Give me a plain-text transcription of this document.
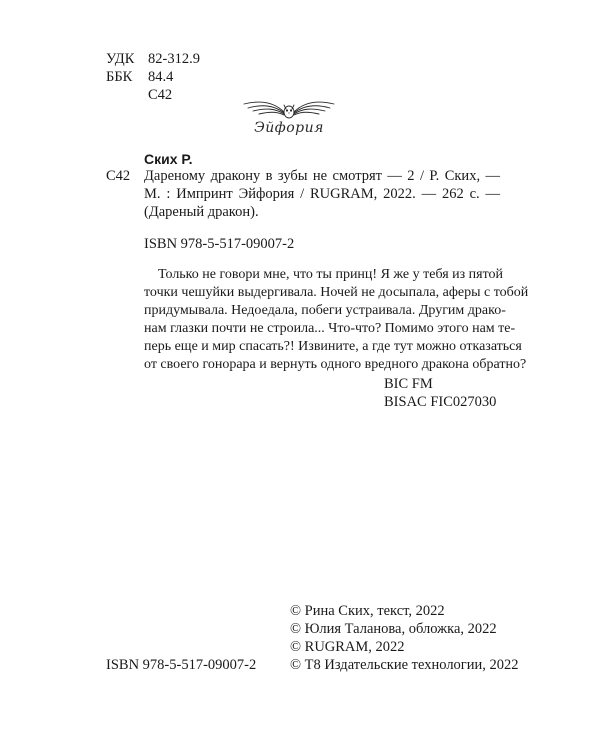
УДК 82-312.9
ББК 84.4
С42
Эйфория
Ских Р.
С42 Дареному дракону в зубы не смотрят — 2 / Р. Ских, —
М. : Импринт Эйфория / RUGRAM, 2022. — 262 с. —
(Дареный дракон).
ISBN 978-5-517-09007-2
Только не говори мне, что ты принц! Я же у тебя из пятой
точки чешуйки выдергивала. Ночей не досыпала, аферы с тобой
придумывала. Недоедала, побеги устраивала. Другим драко-
нам глазки почти не строила... Что-что? Помимо этого нам те-
перь еще и мир спасать?! Извините, а где тут можно отказаться
от своего гонорара и вернуть одного вредного дракона обратно?
BIC FM
BISAC FIC027030
© Рина Ских, текст, 2022
© Юлия Таланова, обложка, 2022
© RUGRAM, 2022
© Т8 Издательские технологии, 2022
ISBN 978-5-517-09007-2
